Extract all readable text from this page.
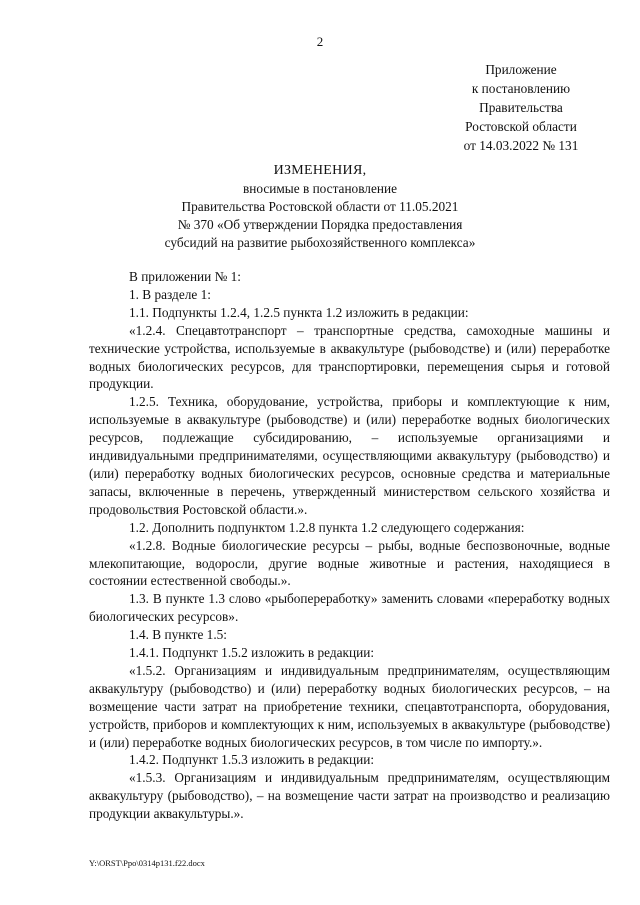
2
Приложение
к постановлению
Правительства
Ростовской области
от 14.03.2022 № 131
ИЗМЕНЕНИЯ,
вносимые в постановление
Правительства Ростовской области от 11.05.2021
№ 370 «Об утверждении Порядка предоставления
субсидий на развитие рыбохозяйственного комплекса»

В приложении № 1:

1. В разделе 1:

1.1. Подпункты 1.2.4, 1.2.5 пункта 1.2 изложить в редакции:

«1.2.4. Спецавтотранспорт – транспортные средства, самоходные машины и технические устройства, используемые в аквакультуре (рыбоводстве) и (или) переработке водных биологических ресурсов, для транспортировки, перемещения сырья и готовой продукции.

1.2.5. Техника, оборудование, устройства, приборы и комплектующие к ним, используемые в аквакультуре (рыбоводстве) и (или) переработке водных биологических ресурсов, подлежащие субсидированию, – используемые организациями и индивидуальными предпринимателями, осуществляющими аквакультуру (рыбоводство) и (или) переработку водных биологических ресурсов, основные средства и материальные запасы, включенные в перечень, утвержденный министерством сельского хозяйства и продовольствия Ростовской области.».

1.2. Дополнить подпунктом 1.2.8 пункта 1.2 следующего содержания:

«1.2.8. Водные биологические ресурсы – рыбы, водные беспозвоночные, водные млекопитающие, водоросли, другие водные животные и растения, находящиеся в состоянии естественной свободы.».

1.3. В пункте 1.3 слово «рыбопереработку» заменить словами «переработку водных биологических ресурсов».

1.4. В пункте 1.5:

1.4.1. Подпункт 1.5.2 изложить в редакции:

«1.5.2. Организациям и индивидуальным предпринимателям, осуществляющим аквакультуру (рыбоводство) и (или) переработку водных биологических ресурсов, – на возмещение части затрат на приобретение техники, спецавтотранспорта, оборудования, устройств, приборов и комплектующих к ним, используемых в аквакультуре (рыбоводстве) и (или) переработке водных биологических ресурсов, в том числе по импорту.».

1.4.2. Подпункт 1.5.3 изложить в редакции:

«1.5.3. Организациям и индивидуальным предпринимателям, осуществляющим аквакультуру (рыбоводство), – на возмещение части затрат на производство и реализацию продукции аквакультуры.».

Y:\ORST\Ppo\0314p131.f22.docx
